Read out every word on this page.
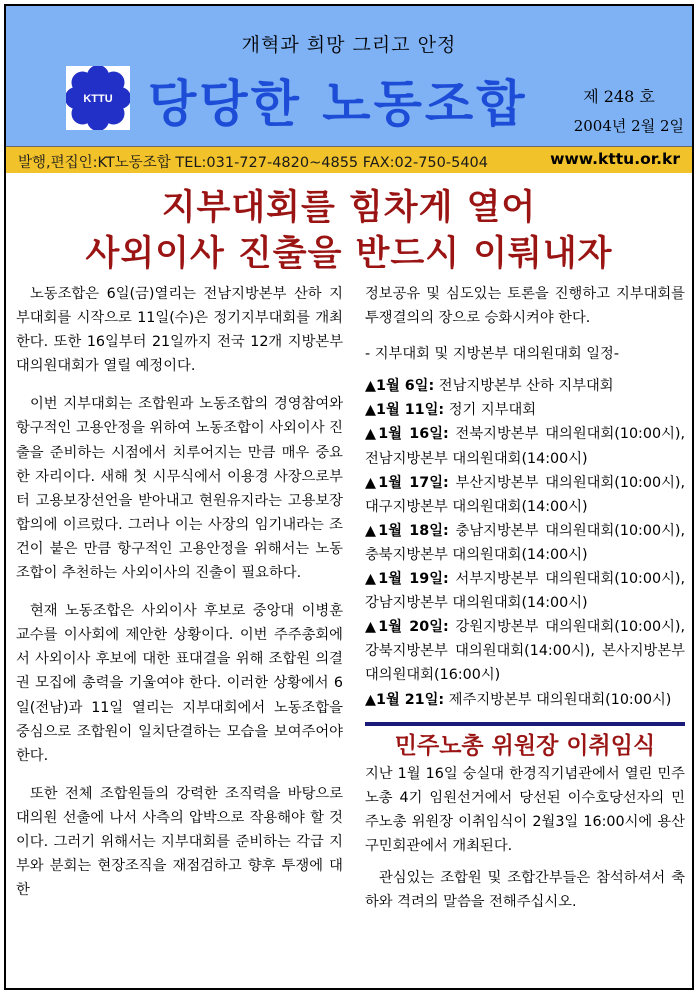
개혁과 희망 그리고 안정
KTTU 당당한 노동조합	제 248 호
2004년 2월 2일
발행,편집인:KT노동조합 TEL:031-727-4820~4855 FAX:02-750-5404	www.kttu.or.kr
지부대회를 힘차게 열어
사외이사 진출을 반드시 이뤄내자

노동조합은 6일(금)열리는 전남지방본부 산하 지부대회를 시작으로 11일(수)은 정기지부대회를 개최한다. 또한 16일부터 21일까지 전국 12개 지방본부 대의원대회가 열릴 예정이다.

이번 지부대회는 조합원과 노동조합의 경영참여와 항구적인 고용안정을 위하여 노동조합이 사외이사 진출을 준비하는 시점에서 치루어지는 만큼 매우 중요한 자리이다. 새해 첫 시무식에서 이용경 사장으로부터 고용보장선언을 받아내고 현원유지라는 고용보장합의에 이르렀다. 그러나 이는 사장의 임기내라는 조건이 붙은 만큼 항구적인 고용안정을 위해서는 노동조합이 추천하는 사외이사의 진출이 필요하다.

현재 노동조합은 사외이사 후보로 중앙대 이병훈 교수를 이사회에 제안한 상황이다. 이번 주주총회에서 사외이사 후보에 대한 표대결을 위해 조합원 의결권 모집에 총력을 기울여야 한다. 이러한 상황에서 6일(전남)과 11일 열리는 지부대회에서 노동조합을 중심으로 조합원이 일치단결하는 모습을 보여주어야 한다.

또한 전체 조합원들의 강력한 조직력을 바탕으로 대의원 선출에 나서 사측의 압박으로 작용해야 할 것이다. 그러기 위해서는 지부대회를 준비하는 각급 지부와 분회는 현장조직을 재점검하고 향후 투쟁에 대한

정보공유 및 심도있는 토론을 진행하고 지부대회를 투쟁결의의 장으로 승화시켜야 한다.

- 지부대회 및 지방본부 대의원대회 일정-

▲1월 6일: 전남지방본부 산하 지부대회

▲1월 11일: 정기 지부대회

▲1월 16일: 전북지방본부 대의원대회(10:00시), 전남지방본부 대의원대회(14:00시)

▲1월 17일: 부산지방본부 대의원대회(10:00시), 대구지방본부 대의원대회(14:00시)

▲1월 18일: 충남지방본부 대의원대회(10:00시), 충북지방본부 대의원대회(14:00시)

▲1월 19일: 서부지방본부 대의원대회(10:00시), 강남지방본부 대의원대회(14:00시)

▲1월 20일: 강원지방본부 대의원대회(10:00시), 강북지방본부 대의원대회(14:00시), 본사지방본부 대의원대회(16:00시)

▲1월 21일: 제주지방본부 대의원대회(10:00시)

민주노총 위원장 이취임식

지난 1월 16일 숭실대 한경직기념관에서 열린 민주노총 4기 임원선거에서 당선된 이수호당선자의 민주노총 위원장 이취임식이 2월3일 16:00시에 용산구민회관에서 개최된다.

관심있는 조합원 및 조합간부들은 참석하셔서 축하와 격려의 말씀을 전해주십시오.
